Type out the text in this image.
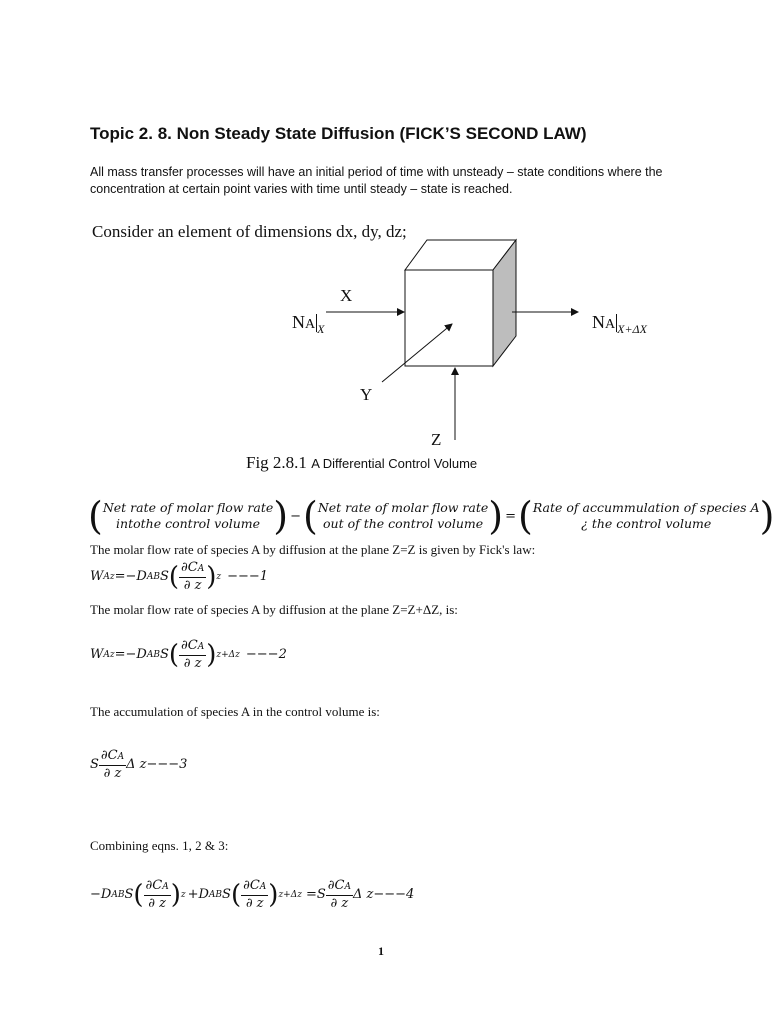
Topic 2. 8. Non Steady State Diffusion (FICK’S SECOND LAW)
All mass transfer processes will have an initial period of time with unsteady – state conditions where the concentration at certain point varies with time until steady – state is reached.
Consider an element of dimensions dx, dy, dz;
X
Y
Z
NA $_X$	NA $_{X+\Delta X}$
Fig 2.8.1 A Differential Control Volume
( Net rate of molar flow rate
intothe control volume ) − ( Net rate of molar flow rate
out of the control volume ) = ( Rate of accummulation of species A
¿ the control volume )
The molar flow rate of species A by diffusion at the plane Z=Z is given by Fick's law:
W Az =−D AB S ( $\frac{\partial CA}{\partial z}$ ) z −−−1
The molar flow rate of species A by diffusion at the plane Z=Z+ΔZ, is:
W Az =−D AB S ( $\frac{\partial CA}{\partial z}$ ) z+Δz −−−2
The accumulation of species A in the control volume is:
S $\frac{\partial CA}{\partial z}$ Δ z −−−3
Combining eqns. 1, 2 & 3:
−D AB S ( $\frac{\partial CA}{\partial z}$ ) z +D AB S ( $\frac{\partial CA}{\partial z}$ ) $z+\Delta z =S \frac{\partial CA}{\partial z}$ Δ z −−−4
1
